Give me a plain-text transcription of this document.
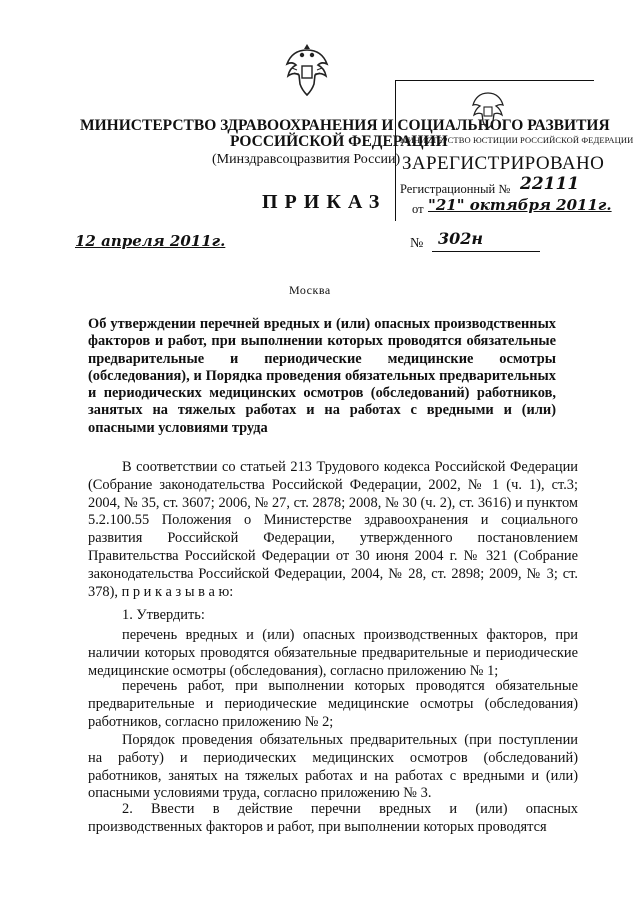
МИНИСТЕРСТВО ЗДРАВООХРАНЕНИЯ И СОЦИАЛЬНОГО РАЗВИТИЯ
РОССИЙСКОЙ ФЕДЕРАЦИИ
(Минздравсоцразвития России)
МИНИСТЕРСТВО ЮСТИЦИИ РОССИЙСКОЙ ФЕДЕРАЦИИ
ЗАРЕГИСТРИРОВАНО
Регистрационный № 22111
от "21" октября 2011г.
ПРИКАЗ
12 апреля 2011г.	№ 302н
Москва
Об утверждении перечней вредных и (или) опасных производственных факторов и работ, при выполнении которых проводятся обязательные предварительные и периодические медицинские осмотры (обследования), и Порядка проведения обязательных предварительных и периодических медицинских осмотров (обследований) работников, занятых на тяжелых работах и на работах с вредными и (или) опасными условиями труда
В соответствии со статьей 213 Трудового кодекса Российской Федерации (Собрание законодательства Российской Федерации, 2002, № 1 (ч. 1), ст.3; 2004, № 35, ст. 3607; 2006, № 27, ст. 2878; 2008, № 30 (ч. 2), ст. 3616) и пунктом 5.2.100.55 Положения о Министерстве здравоохранения и социального развития Российской Федерации, утвержденного постановлением Правительства Российской Федерации от 30 июня 2004 г. № 321 (Собрание законодательства Российской Федерации, 2004, № 28, ст. 2898; 2009, № 3; ст. 378), п р и к а з ы в а ю:
1. Утвердить:
перечень вредных и (или) опасных производственных факторов, при наличии которых проводятся обязательные предварительные и периодические медицинские осмотры (обследования), согласно приложению № 1;
перечень работ, при выполнении которых проводятся обязательные предварительные и периодические медицинские осмотры (обследования) работников, согласно приложению № 2;
Порядок проведения обязательных предварительных (при поступлении на работу) и периодических медицинских осмотров (обследований) работников, занятых на тяжелых работах и на работах с вредными и (или) опасными условиями труда, согласно приложению № 3.
2. Ввести в действие перечни вредных и (или) опасных производственных факторов и работ, при выполнении которых проводятся
